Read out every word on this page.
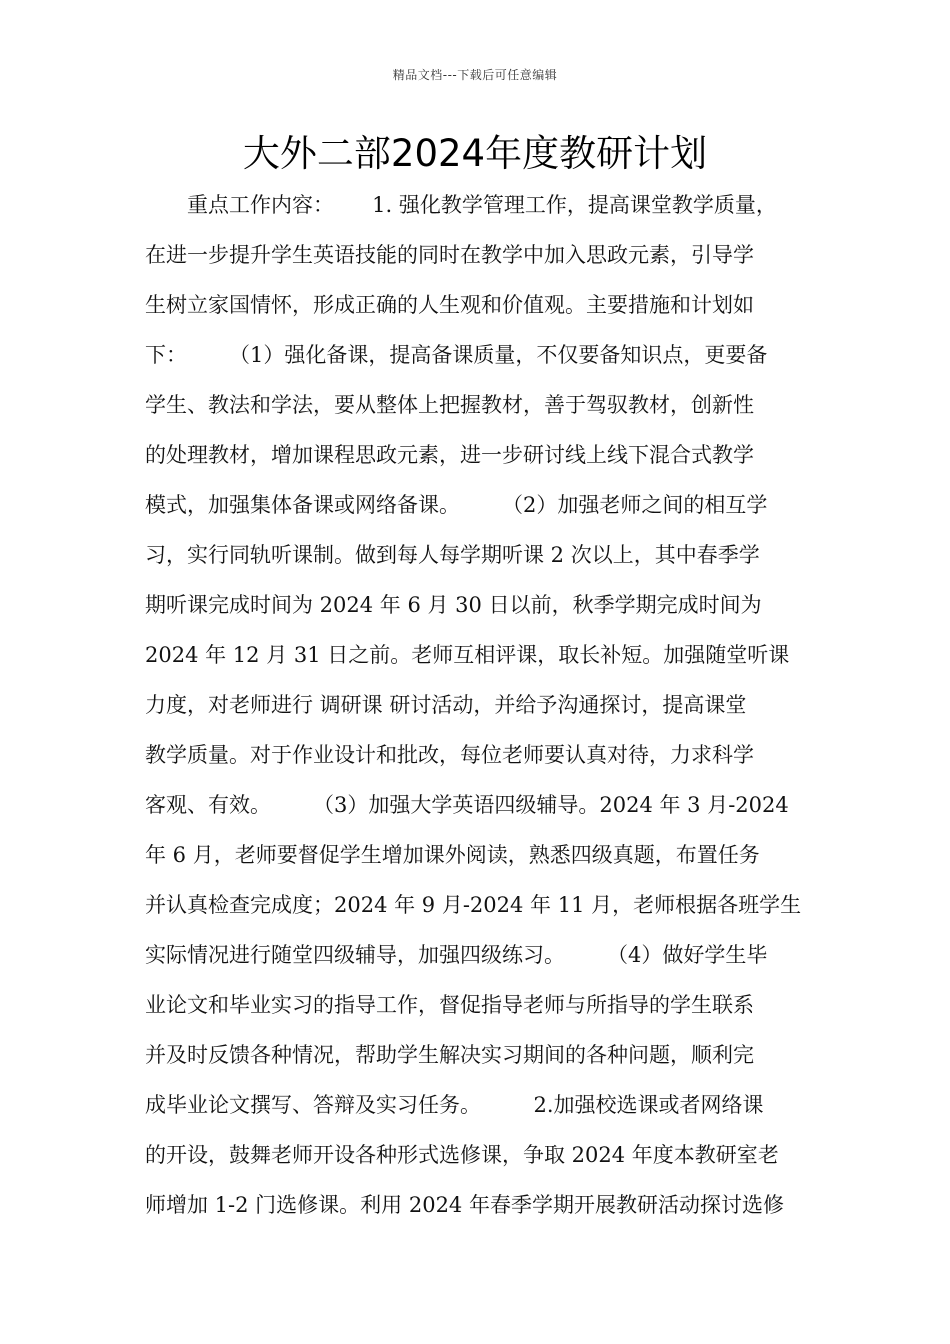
精品文档---下载后可任意编辑
大外二部2024年度教研计划
　　重点工作内容：　　 1. 强化教学管理工作，提高课堂教学质量，
在进一步提升学生英语技能的同时在教学中加入思政元素，引导学
生树立家国情怀，形成正确的人生观和价值观。主要措施和计划如
下：　　　（1）强化备课，提高备课质量，不仅要备知识点，更要备
学生、教法和学法，要从整体上把握教材，善于驾驭教材，创新性
的处理教材，增加课程思政元素，进一步研讨线上线下混合式教学
模式，加强集体备课或网络备课。　　　（2）加强老师之间的相互学
习，实行同轨听课制。做到每人每学期听课 2 次以上，其中春季学
期听课完成时间为 2024 年 6 月 30 日以前，秋季学期完成时间为
2024 年 12 月 31 日之前。老师互相评课，取长补短。加强随堂听课
力度，对老师进行 调研课 研讨活动，并给予沟通探讨，提高课堂
教学质量。对于作业设计和批改，每位老师要认真对待，力求科学
客观、有效。　　　（3）加强大学英语四级辅导。2024 年 3 月-2024
年 6 月，老师要督促学生增加课外阅读，熟悉四级真题，布置任务
并认真检查完成度；2024 年 9 月-2024 年 11 月，老师根据各班学生
实际情况进行随堂四级辅导，加强四级练习。　　　（4）做好学生毕
业论文和毕业实习的指导工作，督促指导老师与所指导的学生联系
并及时反馈各种情况，帮助学生解决实习期间的各种问题，顺利完
成毕业论文撰写、答辩及实习任务。　　　2.加强校选课或者网络课
的开设，鼓舞老师开设各种形式选修课，争取 2024 年度本教研室老
师增加 1-2 门选修课。利用 2024 年春季学期开展教研活动探讨选修
